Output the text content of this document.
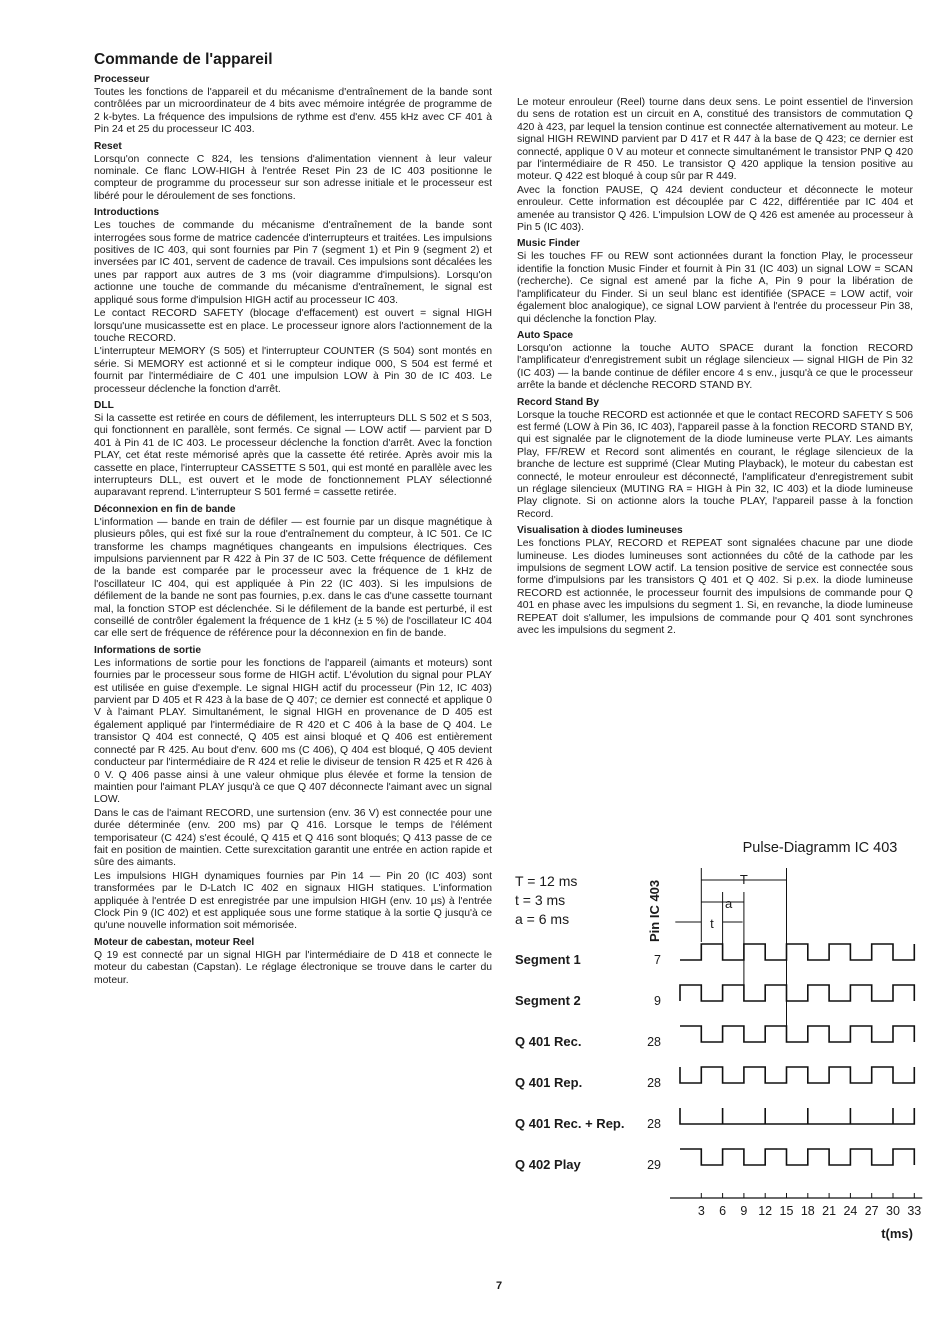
Commande de l'appareil
Processeur

Toutes les fonctions de l'appareil et du mécanisme d'entraînement de la bande sont contrôlées par un microordinateur de 4 bits avec mémoire intégrée de programme de 2 k-bytes. La fréquence des impulsions de rythme est d'env. 455 kHz avec CF 401 à Pin 24 et 25 du processeur IC 403.

Reset

Lorsqu'on connecte C 824, les tensions d'alimentation viennent à leur valeur nominale. Ce flanc LOW-HIGH à l'entrée Reset Pin 23 de IC 403 positionne le compteur de programme du processeur sur son adresse initiale et le processeur est libéré pour le déroulement de ses fonctions.

Introductions

Les touches de commande du mécanisme d'entraînement de la bande sont interrogées sous forme de matrice cadencée d'interrupteurs et traitées. Les impulsions positives de IC 403, qui sont fournies par Pin 7 (segment 1) et Pin 9 (segment 2) et inversées par IC 401, servent de cadence de travail. Ces impulsions sont décalées les unes par rapport aux autres de 3 ms (voir diagramme d'impulsions). Lorsqu'on actionne une touche de commande du mécanisme d'entraînement, le signal est appliqué sous forme d'impulsion HIGH actif au processeur IC 403.

Le contact RECORD SAFETY (blocage d'effacement) est ouvert = signal HIGH lorsqu'une musicassette est en place. Le processeur ignore alors l'actionnement de la touche RECORD.

L'interrupteur MEMORY (S 505) et l'interrupteur COUNTER (S 504) sont montés en série. Si MEMORY est actionné et si le compteur indique 000, S 504 est fermé et fournit par l'intermédiaire de C 401 une impulsion LOW à Pin 30 de IC 403. Le processeur déclenche la fonction d'arrêt.

DLL

Si la cassette est retirée en cours de défilement, les interrupteurs DLL S 502 et S 503, qui fonctionnent en parallèle, sont fermés. Ce signal — LOW actif — parvient par D 401 à Pin 41 de IC 403. Le processeur déclenche la fonction d'arrêt. Avec la fonction PLAY, cet état reste mémorisé après que la cassette été retirée. Après avoir mis la cassette en place, l'interrupteur CASSETTE S 501, qui est monté en parallèle avec les interrupteurs DLL, est ouvert et le mode de fonctionnement PLAY sélectionné auparavant reprend. L'interrupteur S 501 fermé = cassette retirée.

Déconnexion en fin de bande

L'information — bande en train de défiler — est fournie par un disque magnétique à plusieurs pôles, qui est fixé sur la roue d'entraînement du compteur, à IC 501. Ce IC transforme les champs magnétiques changeants en impulsions électriques. Ces impulsions parviennent par R 422 à Pin 37 de IC 503. Cette fréquence de défilement de la bande est comparée par le processeur avec la fréquence de 1 kHz de l'oscillateur IC 404, qui est appliquée à Pin 22 (IC 403). Si les impulsions de défilement de la bande ne sont pas fournies, p.ex. dans le cas d'une cassette tournant mal, la fonction STOP est déclenchée. Si le défilement de la bande est perturbé, il est conseillé de contrôler également la fréquence de 1 kHz (± 5 %) de l'oscillateur IC 404 car elle sert de fréquence de référence pour la déconnexion en fin de bande.

Informations de sortie

Les informations de sortie pour les fonctions de l'appareil (aimants et moteurs) sont fournies par le processeur sous forme de HIGH actif. L'évolution du signal pour PLAY est utilisée en guise d'exemple. Le signal HIGH actif du processeur (Pin 12, IC 403) parvient par D 405 et R 423 à la base de Q 407; ce dernier est connecté et applique 0 V à l'aimant PLAY. Simultanément, le signal HIGH en provenance de D 405 est également appliqué par l'intermédiaire de R 420 et C 406 à la base de Q 404. Le transistor Q 404 est connecté, Q 405 est ainsi bloqué et Q 406 est entièrement connecté par R 425. Au bout d'env. 600 ms (C 406), Q 404 est bloqué, Q 405 devient conducteur par l'intermédiaire de R 424 et relie le diviseur de tension R 425 et R 426 à 0 V. Q 406 passe ainsi à une valeur ohmique plus élevée et forme la tension de maintien pour l'aimant PLAY jusqu'à ce que Q 407 déconnecte l'aimant avec un signal LOW.

Dans le cas de l'aimant RECORD, une surtension (env. 36 V) est connectée pour une durée déterminée (env. 200 ms) par Q 416. Lorsque le temps de l'élément temporisateur (C 424) s'est écoulé, Q 415 et Q 416 sont bloqués; Q 413 passe de ce fait en position de maintien. Cette surexcitation garantit une entrée en action rapide et sûre des aimants.

Les impulsions HIGH dynamiques fournies par Pin 14 — Pin 20 (IC 403) sont transformées par le D-Latch IC 402 en signaux HIGH statiques. L'information appliquée à l'entrée D est enregistrée par une impulsion HIGH (env. 10 µs) à l'entrée Clock Pin 9 (IC 402) et est appliquée sous une forme statique à la sortie Q jusqu'à ce qu'une nouvelle information soit mémorisée.

Moteur de cabestan, moteur Reel

Q 19 est connecté par un signal HIGH par l'intermédiaire de D 418 et connecte le moteur du cabestan (Capstan). Le réglage électronique se trouve dans le carter du moteur.

Le moteur enrouleur (Reel) tourne dans deux sens. Le point essentiel de l'inversion du sens de rotation est un circuit en A, constitué des transistors de commutation Q 420 à 423, par lequel la tension continue est connectée alternativement au moteur. Le signal HIGH REWIND parvient par D 417 et R 447 à la base de Q 423; ce dernier est connecté, applique 0 V au moteur et connecte simultanément le transistor PNP Q 420 par l'intermédiaire de R 450. Le transistor Q 420 applique la tension positive au moteur. Q 422 est bloqué à coup sûr par R 449.

Avec la fonction PAUSE, Q 424 devient conducteur et déconnecte le moteur enrouleur. Cette information est découplée par C 422, différentiée par IC 404 et amenée au transistor Q 426. L'impulsion LOW de Q 426 est amenée au processeur à Pin 5 (IC 403).

Music Finder

Si les touches FF ou REW sont actionnées durant la fonction Play, le processeur identifie la fonction Music Finder et fournit à Pin 31 (IC 403) un signal LOW = SCAN (recherche). Ce signal est amené par la fiche A, Pin 9 pour la libération de l'amplificateur du Finder. Si un seul blanc est identifiée (SPACE = LOW actif, voir également bloc analogique), ce signal LOW parvient à l'entrée du processeur Pin 38, qui déclenche la fonction Play.

Auto Space

Lorsqu'on actionne la touche AUTO SPACE durant la fonction RECORD l'amplificateur d'enregistrement subit un réglage silencieux — signal HIGH de Pin 32 (IC 403) — la bande continue de défiler encore 4 s env., jusqu'à ce que le processeur arrête la bande et déclenche RECORD STAND BY.

Record Stand By

Lorsque la touche RECORD est actionnée et que le contact RECORD SAFETY S 506 est fermé (LOW à Pin 36, IC 403), l'appareil passe à la fonction RECORD STAND BY, qui est signalée par le clignotement de la diode lumineuse verte PLAY. Les aimants Play, FF/REW et Record sont alimentés en courant, le réglage silencieux de la branche de lecture est supprimé (Clear Muting Playback), le moteur du cabestan est connecté, le moteur enrouleur est déconnecté, l'amplificateur d'enregistrement subit un réglage silencieux (MUTING RA = HIGH à Pin 32, IC 403) et la diode lumineuse Play clignote. Si on actionne alors la touche PLAY, l'appareil passe à la fonction Record.

Visualisation à diodes lumineuses

Les fonctions PLAY, RECORD et REPEAT sont signalées chacune par une diode lumineuse. Les diodes lumineuses sont actionnées du côté de la cathode par les impulsions de segment LOW actif. La tension positive de service est connectée sous forme d'impulsions par les transistors Q 401 et Q 402. Si p.ex. la diode lumineuse RECORD est actionnée, le processeur fournit des impulsions de commande pour Q 401 en phase avec les impulsions du segment 1. Si, en revanche, la diode lumineuse REPEAT doit s'allumer, les impulsions de commande pour Q 401 sont synchrones avec les impulsions du segment 2.

Pulse-Diagramm IC 403
T = 12 ms
t = 3 ms
a = 6 ms	Pin IC 403
Segment 1	7
Segment 2	9
Q 401 Rec.	28
Q 401 Rep.	28
Q 401 Rec. + Rep. 28
Q 402 Play	29
3 6 9 12 15 18 21 24 27 30 33
t(ms)
T
a
t
7
